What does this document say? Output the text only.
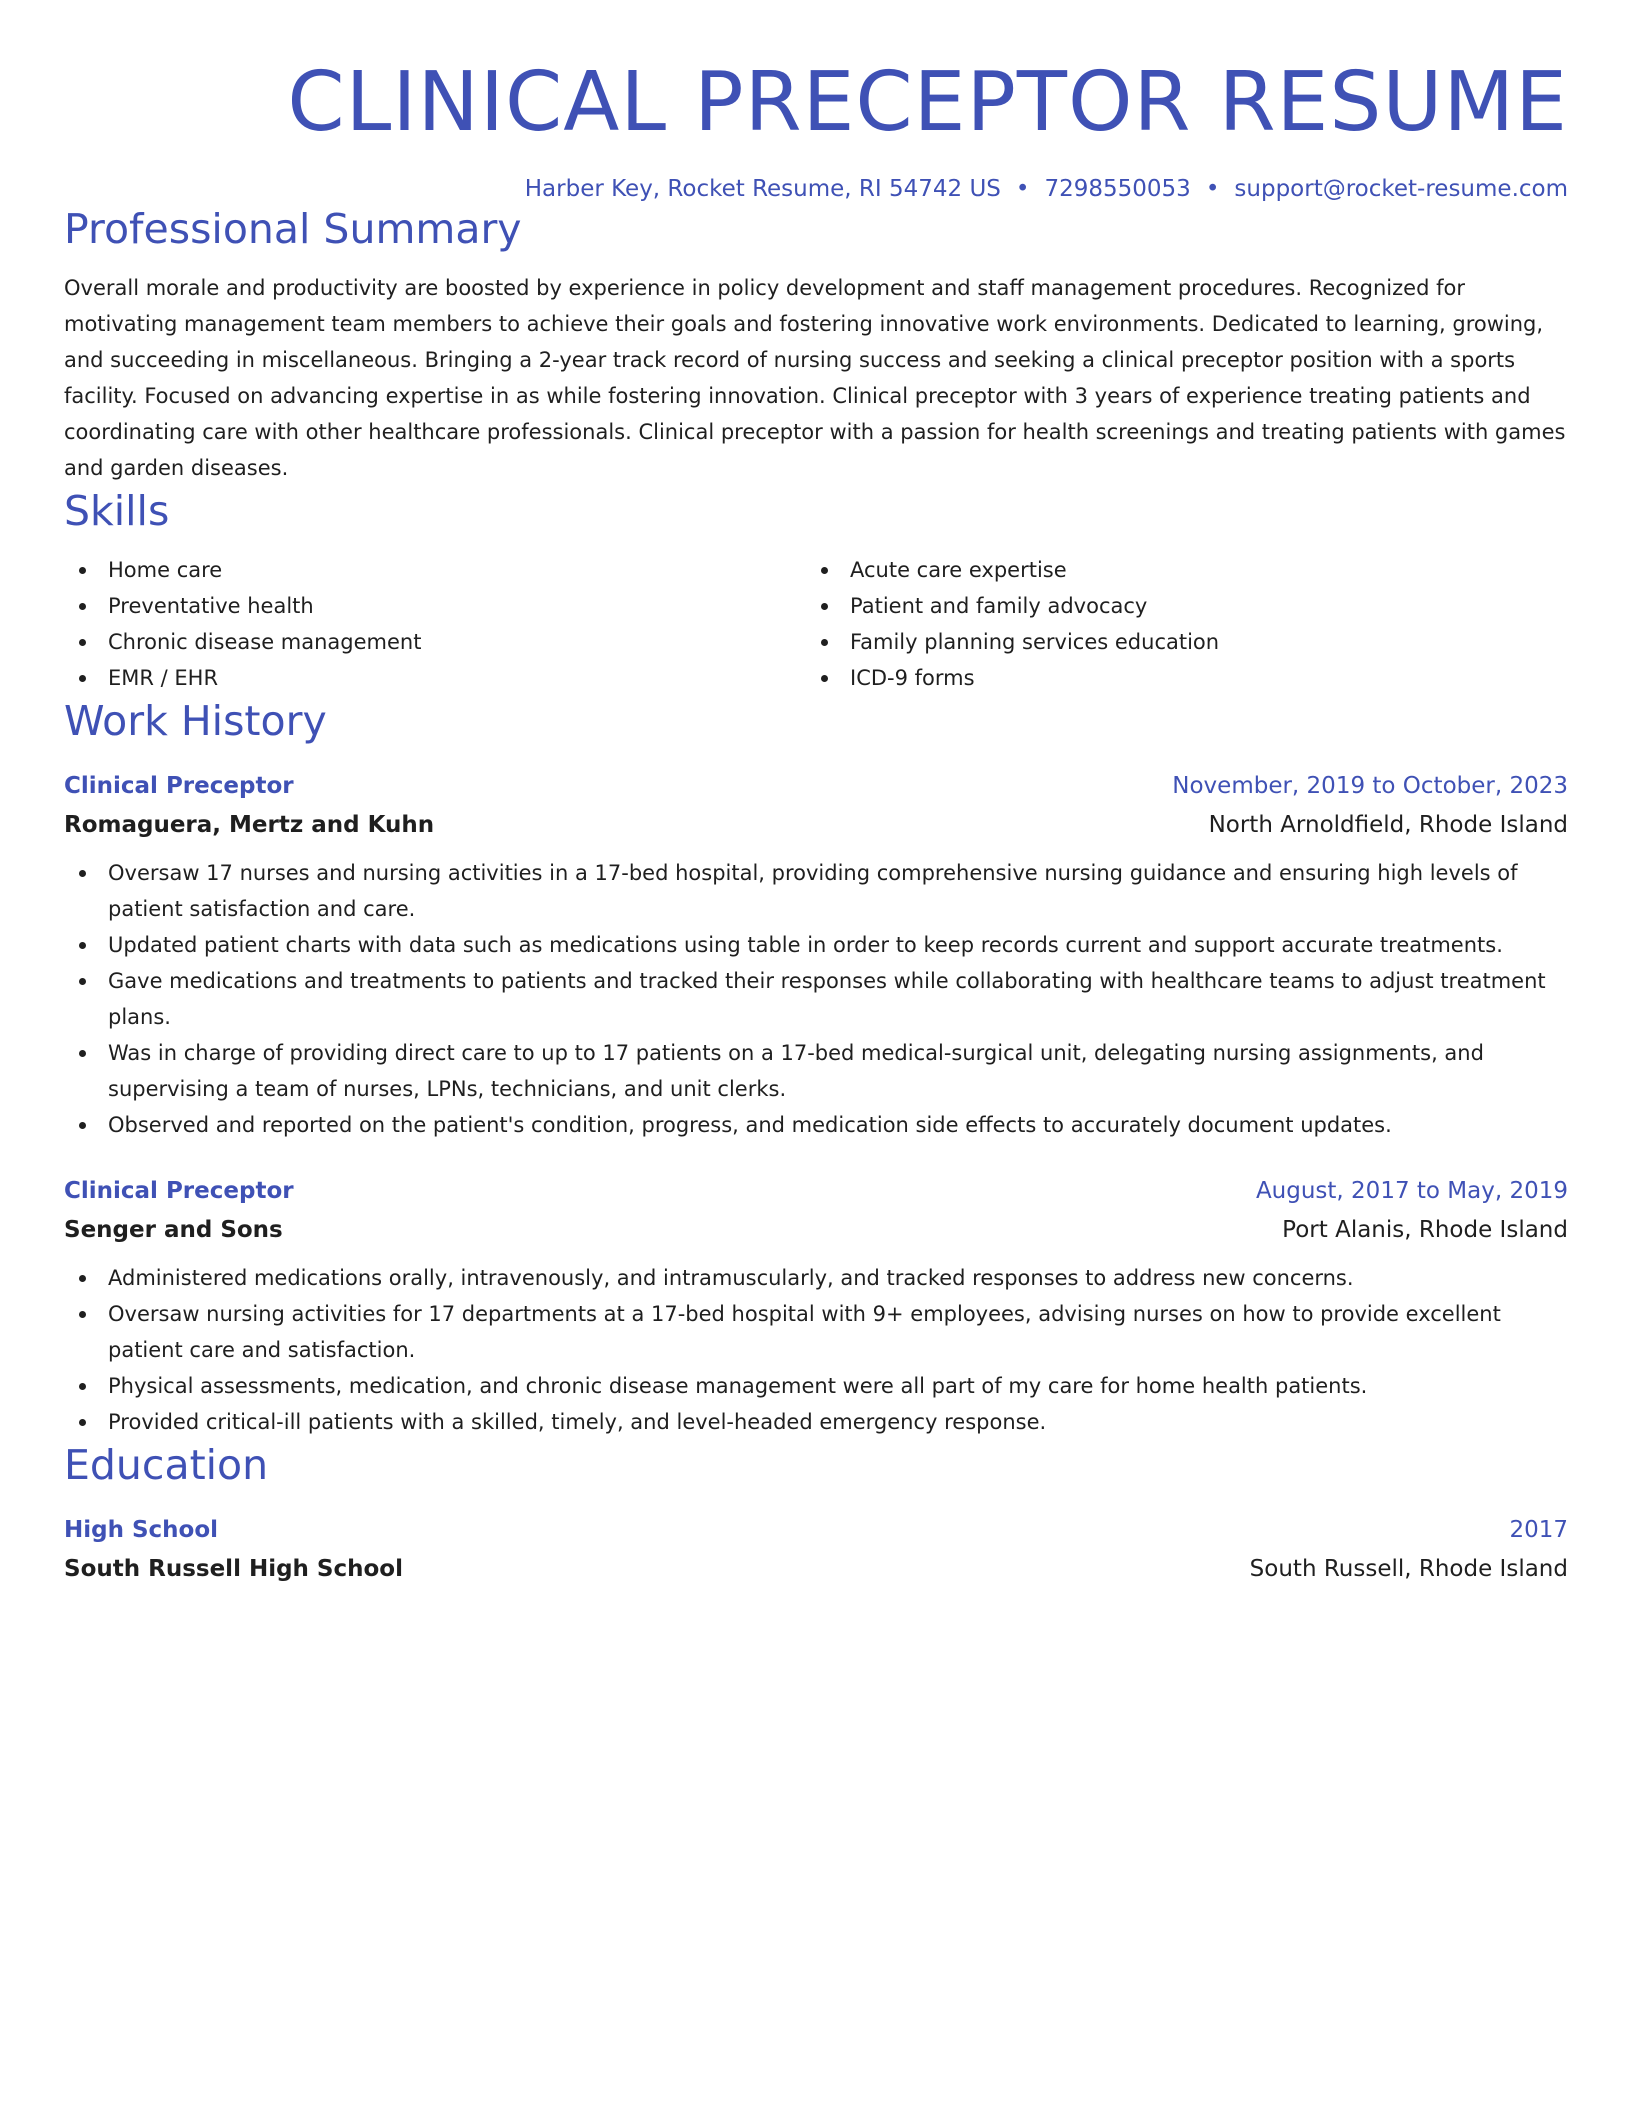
CLINICAL PRECEPTOR RESUME
Harber Key, Rocket Resume, RI 54742 US • 7298550053 • support@rocket-resume.com
Professional Summary
Overall morale and productivity are boosted by experience in policy development and staff management procedures. Recognized for motivating management team members to achieve their goals and fostering innovative work environments. Dedicated to learning, growing, and succeeding in miscellaneous. Bringing a 2-year track record of nursing success and seeking a clinical preceptor position with a sports facility. Focused on advancing expertise in as while fostering innovation. Clinical preceptor with 3 years of experience treating patients and coordinating care with other healthcare professionals. Clinical preceptor with a passion for health screenings and treating patients with games and garden diseases.
Skills
Home care
Preventative health
Chronic disease management
EMR / EHR
Acute care expertise
Patient and family advocacy
Family planning services education
ICD-9 forms
Work History
Clinical Preceptor	November, 2019 to October, 2023
Romaguera, Mertz and Kuhn	North Arnoldfield, Rhode Island
Oversaw 17 nurses and nursing activities in a 17-bed hospital, providing comprehensive nursing guidance and ensuring high levels of patient satisfaction and care.
Updated patient charts with data such as medications using table in order to keep records current and support accurate treatments.
Gave medications and treatments to patients and tracked their responses while collaborating with healthcare teams to adjust treatment plans.
Was in charge of providing direct care to up to 17 patients on a 17-bed medical-surgical unit, delegating nursing assignments, and supervising a team of nurses, LPNs, technicians, and unit clerks.
Observed and reported on the patient's condition, progress, and medication side effects to accurately document updates.
Clinical Preceptor	August, 2017 to May, 2019
Senger and Sons	Port Alanis, Rhode Island
Administered medications orally, intravenously, and intramuscularly, and tracked responses to address new concerns.
Oversaw nursing activities for 17 departments at a 17-bed hospital with 9+ employees, advising nurses on how to provide excellent patient care and satisfaction.
Physical assessments, medication, and chronic disease management were all part of my care for home health patients.
Provided critical-ill patients with a skilled, timely, and level-headed emergency response.
Education
High School	2017
South Russell High School	South Russell, Rhode Island
